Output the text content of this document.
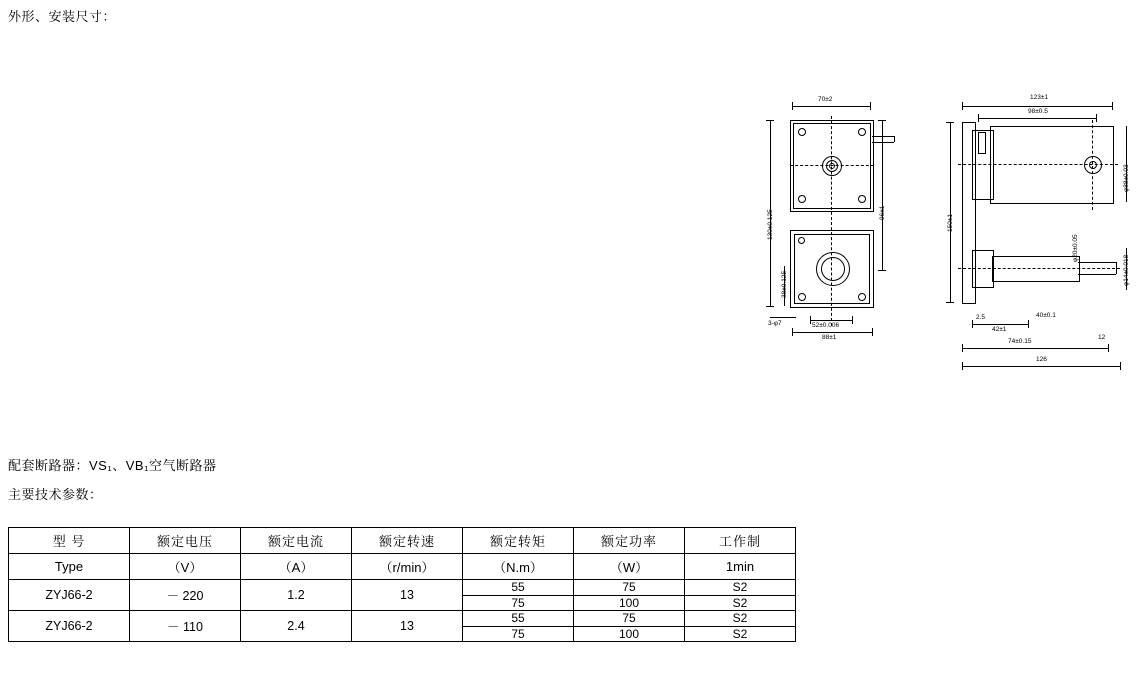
外形、安装尺寸：
70±2
88±1
52±0.006
3-φ7
130±0.125
38±0.125
96±1
123±1
98±0.5
φ88±0.03
φ14±0.018
φ20±0.05
150±1
2.5
42±1
40±0.1
74±0.15
126
12
配套断路器：VS₁、VB₁空气断路器
主要技术参数：
型 号	额定电压	额定电流	额定转速	额定转矩	额定功率	工作制
Type	（V）	（A）	（r/min）	（N.m）	（W）	1min
ZYJ66-2	－ 220	1.2	13	55	75	S2
				75	100	S2
ZYJ66-2	－ 110	2.4	13	55	75	S2
				75	100	S2
